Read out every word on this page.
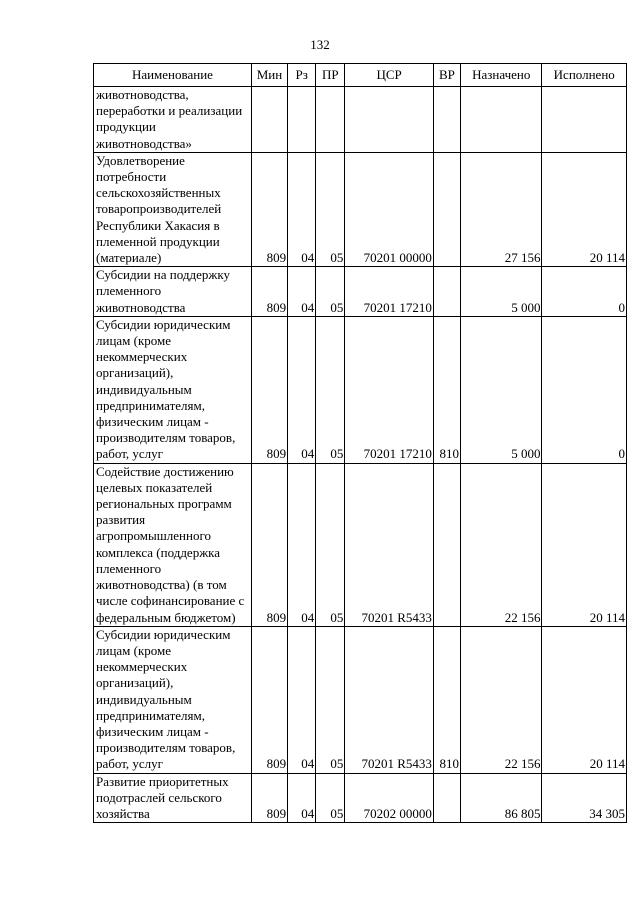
132
Наименование	Мин	Рз	ПР	ЦСР	ВР	Назначено	Исполнено
животноводства, переработки и реализации продукции животноводства»							
Удовлетворение потребности сельскохозяйственных товаропроизводителей Республики Хакасия в племенной продукции (материале)	809	04	05	70201 00000		27 156	20 114
Субсидии на поддержку племенного животноводства	809	04	05	70201 17210		5 000	0
Субсидии юридическим лицам (кроме некоммерческих организаций), индивидуальным предпринимателям, физическим лицам - производителям товаров, работ, услуг	809	04	05	70201 17210	810	5 000	0
Содействие достижению целевых показателей региональных программ развития агропромышленного комплекса (поддержка племенного животноводства) (в том числе софинансирование с федеральным бюджетом)	809	04	05	70201 R5433		22 156	20 114
Субсидии юридическим лицам (кроме некоммерческих организаций), индивидуальным предпринимателям, физическим лицам - производителям товаров, работ, услуг	809	04	05	70201 R5433	810	22 156	20 114
Развитие приоритетных подотраслей сельского хозяйства	809	04	05	70202 00000		86 805	34 305
